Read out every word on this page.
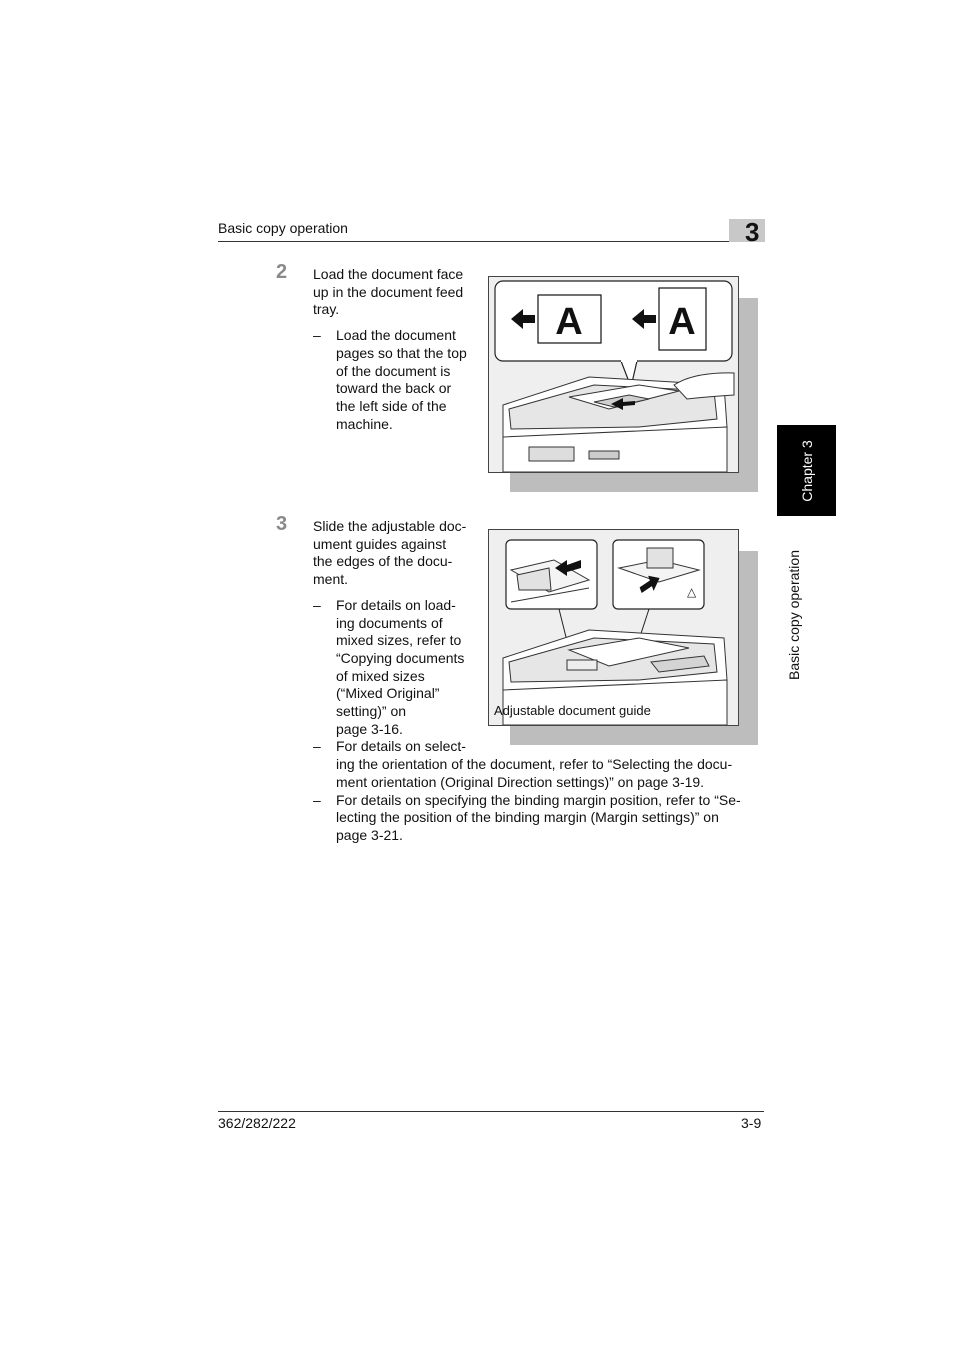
Basic copy operation	3
Chapter 3
Basic copy operation
2 Load the document face

up in the document feed

tray.

– Load the document

pages so that the top

of the document is

toward the back or

the left side of the

machine.

A A
3 Slide the adjustable doc-

ument guides against

the edges of the docu-

ment.

– For details on load-

ing documents of

mixed sizes, refer to

“Copying documents

of mixed sizes

(“Mixed Original”

setting)” on

page 3-16.

– For details on select-

ing the orientation of the document, refer to “Selecting the docu-

ment orientation (Original Direction settings)” on page 3-19.

– For details on specifying the binding margin position, refer to “Se-

lecting the position of the binding margin (Margin settings)” on

page 3-21.

△
Adjustable document guide
362/282/222	3-9
